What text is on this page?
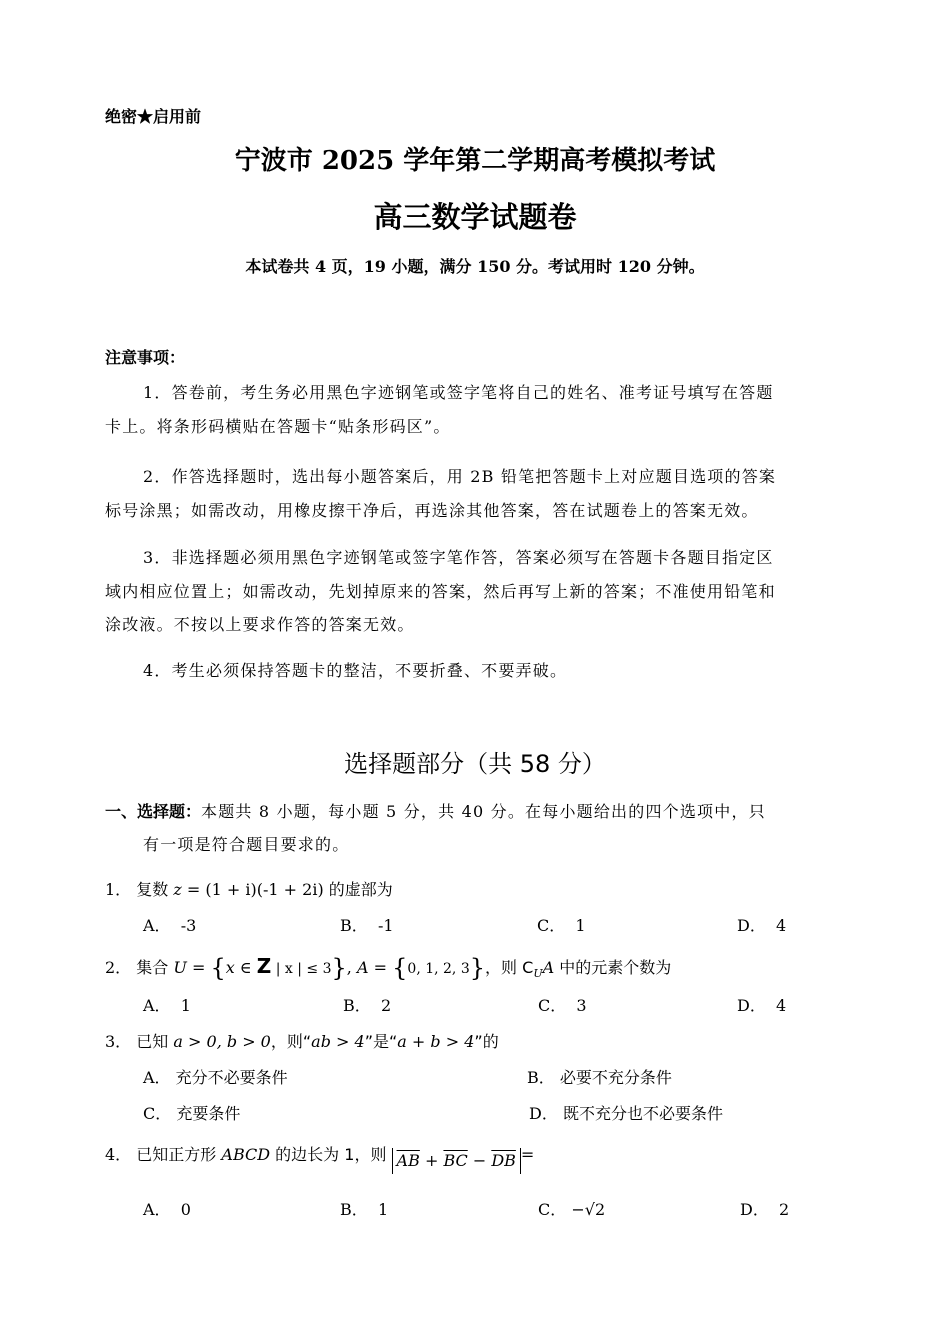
绝密★启用前
宁波市 2025 学年第二学期高考模拟考试
高三数学试题卷
本试卷共 4 页，19 小题，满分 150 分。考试用时 120 分钟。
注意事项：
1．答卷前，考生务必用黑色字迹钢笔或签字笔将自己的姓名、准考证号填写在答题
卡上。将条形码横贴在答题卡“贴条形码区”。
2．作答选择题时，选出每小题答案后，用 2B 铅笔把答题卡上对应题目选项的答案
标号涂黑；如需改动，用橡皮擦干净后，再选涂其他答案，答在试题卷上的答案无效。
3．非选择题必须用黑色字迹钢笔或签字笔作答，答案必须写在答题卡各题目指定区
域内相应位置上；如需改动，先划掉原来的答案，然后再写上新的答案；不准使用铅笔和
涂改液。不按以上要求作答的答案无效。
4．考生必须保持答题卡的整洁，不要折叠、不要弄破。
选择题部分（共 58 分）
一、选择题：本题共 8 小题，每小题 5 分，共 40 分。在每小题给出的四个选项中，只
有一项是符合题目要求的。
1． 复数 z = (1 + i)(-1 + 2i) 的虚部为
A． -3	B． -1	C． 1	D． 4
2． 集合 U = {x ∈ Z | x | ≤ 3}, A = {0, 1, 2, 3}，则 $C_UA$ 中的元素个数为
A． 1	B． 2	C． 3	D． 4
3． 已知 a > 0, b > 0，则“ab > 4”是“a + b > 4”的
A． 充分不必要条件	B． 必要不充分条件
C． 充要条件	D． 既不充分也不必要条件
4． 已知正方形 ABCD 的边长为 1，则 $\overline{AB} + \overline{BC} - \overline{DB}$ =
A． 0	B． 1	C． −√2	D． 2
